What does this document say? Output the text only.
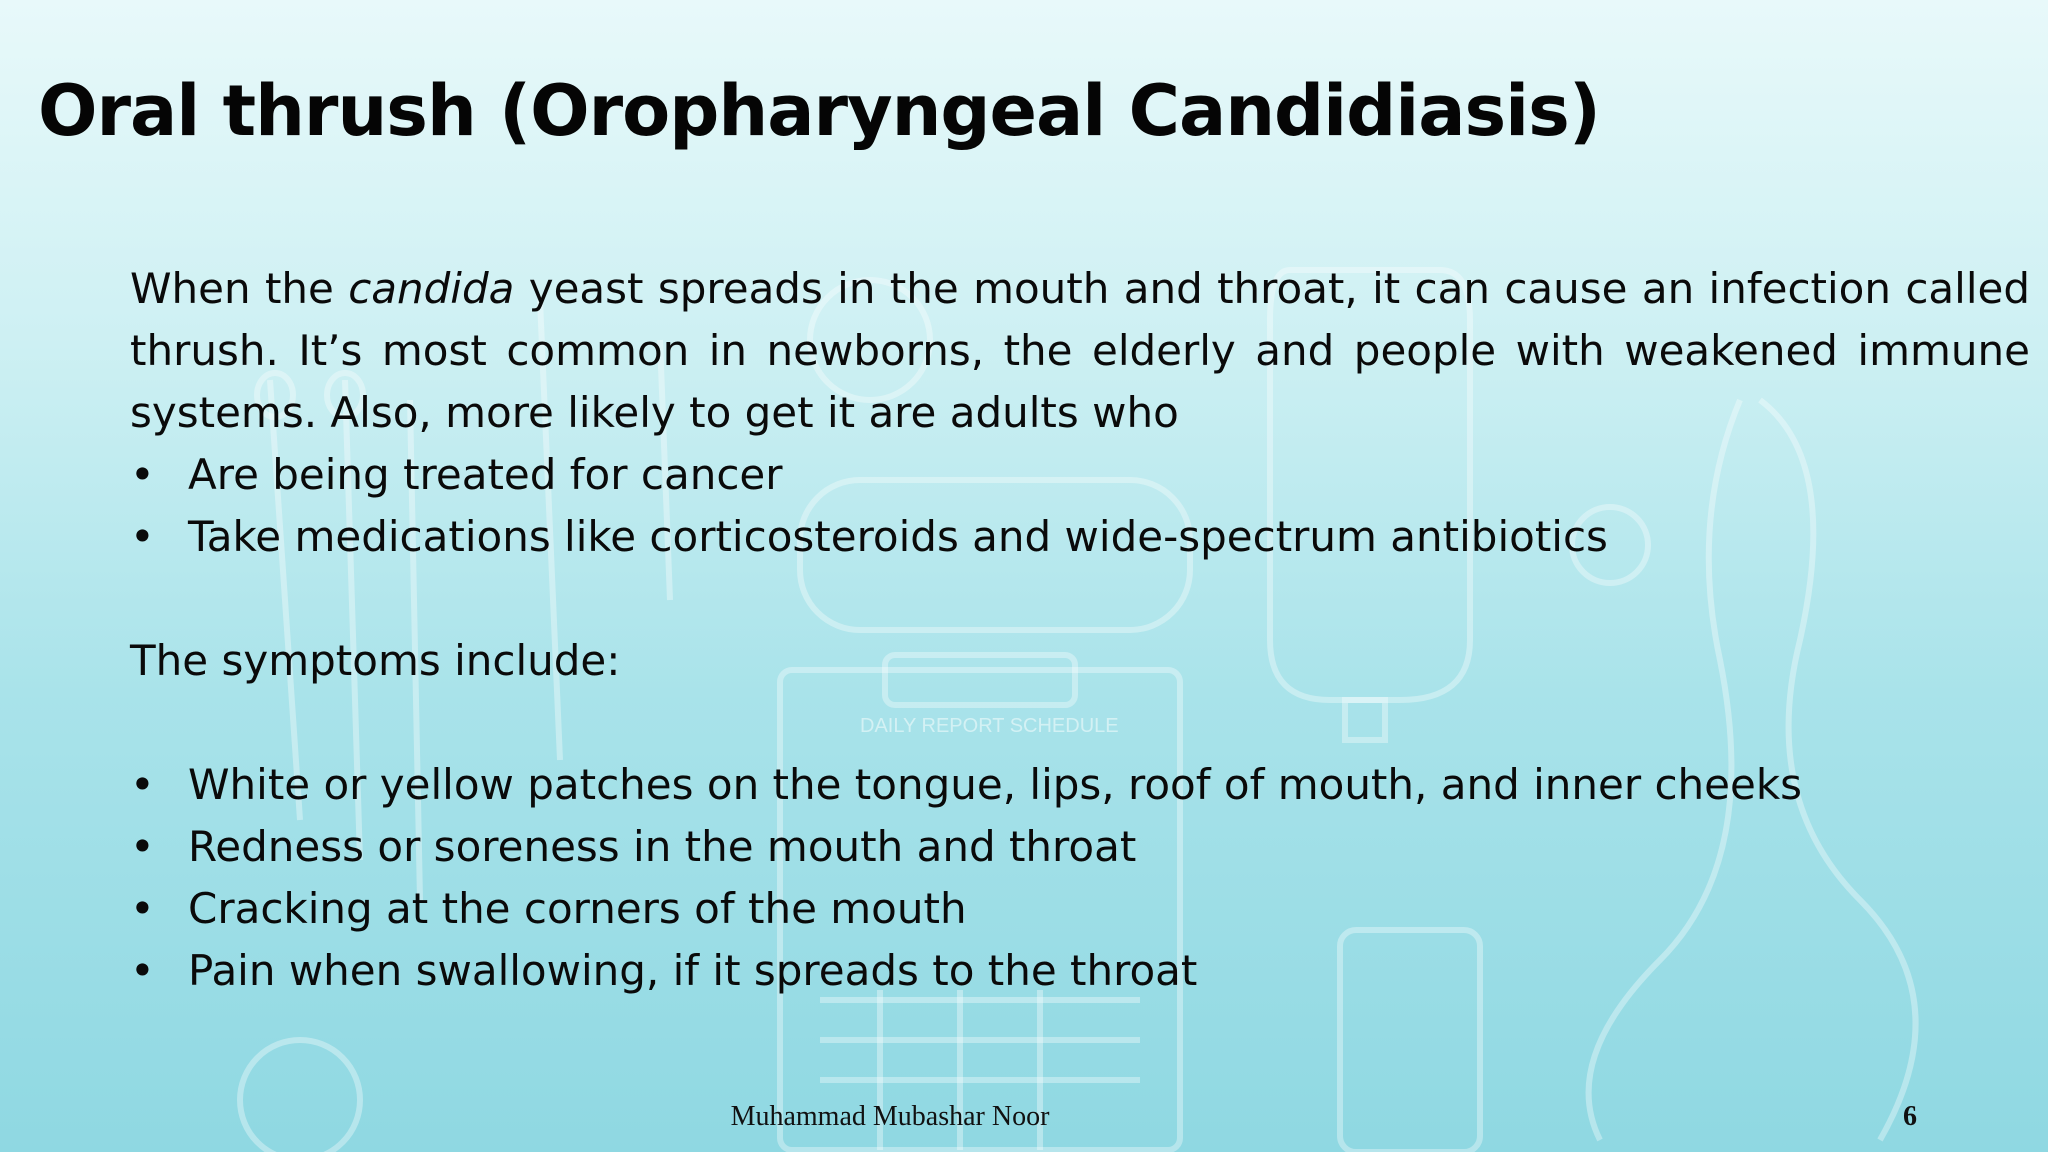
DAILY REPORT SCHEDULE
Oral thrush (Oropharyngeal Candidiasis)

When the candida yeast spreads in the mouth and throat, it can cause an infection called thrush. It’s most common in newborns, the elderly and people with weakened immune systems. Also, more likely to get it are adults who

• Are being treated for cancer
• Take medications like corticosteroids and wide-spectrum antibiotics

The symptoms include:

• White or yellow patches on the tongue, lips, roof of mouth, and inner cheeks
• Redness or soreness in the mouth and throat
• Cracking at the corners of the mouth
• Pain when swallowing, if it spreads to the throat
Muhammad Mubashar Noor	6
